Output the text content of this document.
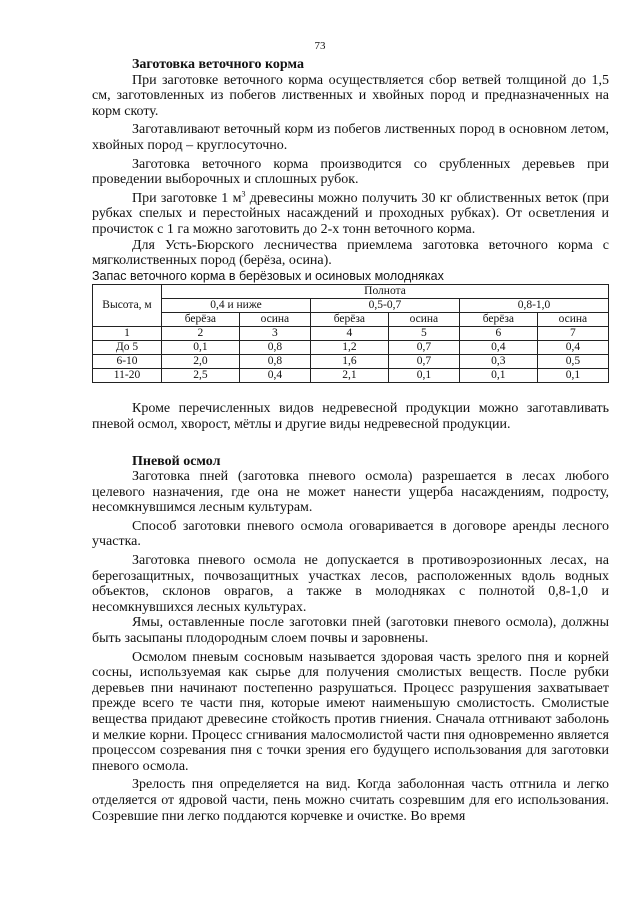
73

Заготовка веточного корма

При заготовке веточного корма осуществляется сбор ветвей толщиной до 1,5 см, заготовленных из побегов лиственных и хвойных пород и предназначенных на корм скоту.

Заготавливают веточный корм из побегов лиственных пород в основном летом, хвойных пород – круглосуточно.

Заготовка веточного корма производится со срубленных деревьев при проведении выборочных и сплошных рубок.

При заготовке 1 $м^3$ древесины можно получить 30 кг облиственных веток (при рубках спелых и перестойных насаждений и проходных рубках). От осветления и прочисток с 1 га можно заготовить до 2-х тонн веточного корма.

Для Усть-Бюрского лесничества приемлема заготовка веточного корма с мягколиственных пород (берёза, осина).

Запас веточного корма в берёзовых и осиновых молодняках

Высота, м	Полнота					
	0,4 и ниже		0,5-0,7		0,8-1,0	
	берёза	осина	берёза	осина	берёза	осина
1	2	3	4	5	6	7
До 5	0,1	0,8	1,2	0,7	0,4	0,4
6-10	2,0	0,8	1,6	0,7	0,3	0,5
11-20	2,5	0,4	2,1	0,1	0,1	0,1

Кроме перечисленных видов недревесной продукции можно заготавливать пневой осмол, хворост, мётлы и другие виды недревесной продукции.

Пневой осмол

Заготовка пней (заготовка пневого осмола) разрешается в лесах любого целевого назначения, где она не может нанести ущерба насаждениям, подросту, несомкнувшимся лесным культурам.

Способ заготовки пневого осмола оговаривается в договоре аренды лесного участка.

Заготовка пневого осмола не допускается в противоэрозионных лесах, на берегозащитных, почвозащитных участках лесов, расположенных вдоль водных объектов, склонов оврагов, а также в молодняках с полнотой 0,8-1,0 и несомкнувшихся лесных культурах.

Ямы, оставленные после заготовки пней (заготовки пневого осмола), должны быть засыпаны плодородным слоем почвы и заровнены.

Осмолом пневым сосновым называется здоровая часть зрелого пня и корней сосны, используемая как сырье для получения смолистых веществ. После рубки деревьев пни начинают постепенно разрушаться. Процесс разрушения захватывает прежде всего те части пня, которые имеют наименьшую смолистость. Смолистые вещества придают древесине стойкость против гниения. Сначала отгнивают заболонь и мелкие корни. Процесс сгнивания малосмолистой части пня одновременно является процессом созревания пня с точки зрения его будущего использования для заготовки пневого осмола.

Зрелость пня определяется на вид. Когда заболонная часть отгнила и легко отделяется от ядровой части, пень можно считать созревшим для его использования. Созревшие пни легко поддаются корчевке и очистке. Во время
